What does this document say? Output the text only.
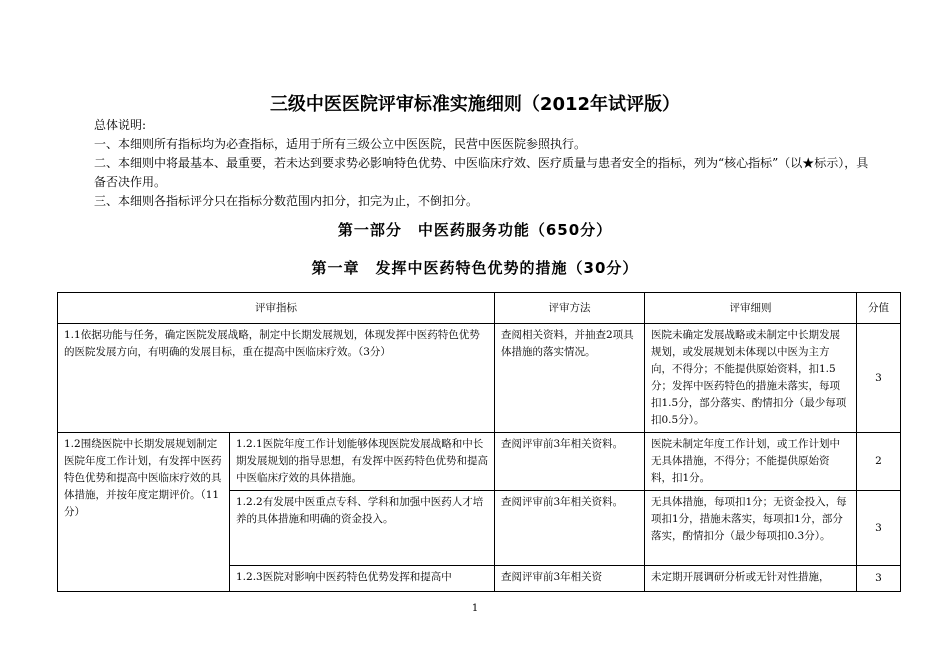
三级中医医院评审标准实施细则（2012年试评版）

总体说明:

一、本细则所有指标均为必查指标，适用于所有三级公立中医医院，民营中医医院参照执行。

二、本细则中将最基本、最重要，若未达到要求势必影响特色优势、中医临床疗效、医疗质量与患者安全的指标，列为“核心指标”（以★标示），具备否决作用。

三、本细则各指标评分只在指标分数范围内扣分，扣完为止，不倒扣分。

第一部分　中医药服务功能（650分）
第一章　发挥中医药特色优势的措施（30分）
评审指标		评审方法	评审细则	分值
1.1依据功能与任务，确定医院发展战略，制定中长期发展规划，体现发挥中医药特色优势的医院发展方向，有明确的发展目标，重在提高中医临床疗效。（3分）		查阅相关资料，并抽查2项具体措施的落实情况。	医院未确定发展战略或未制定中长期发展规划，或发展规划未体现以中医为主方向，不得分；不能提供原始资料，扣1.5分；发挥中医药特色的措施未落实，每项扣1.5分，部分落实、酌情扣分（最少每项扣0.5分）。	3
1.2围绕医院中长期发展规划制定医院年度工作计划，有发挥中医药特色优势和提高中医临床疗效的具体措施，并按年度定期评价。（11分）	1.2.1医院年度工作计划能够体现医院发展战略和中长期发展规划的指导思想，有发挥中医药特色优势和提高中医临床疗效的具体措施。	查阅评审前3年相关资料。	医院未制定年度工作计划，或工作计划中无具体措施，不得分；不能提供原始资料，扣1分。	2
	1.2.2有发展中医重点专科、学科和加强中医药人才培养的具体措施和明确的资金投入。	查阅评审前3年相关资料。	无具体措施，每项扣1分；无资金投入，每项扣1分，措施未落实，每项扣1分，部分落实，酌情扣分（最少每项扣0.3分）。	3
	1.2.3医院对影响中医药特色优势发挥和提高中	查阅评审前3年相关资	未定期开展调研分析或无针对性措施，	3
1
